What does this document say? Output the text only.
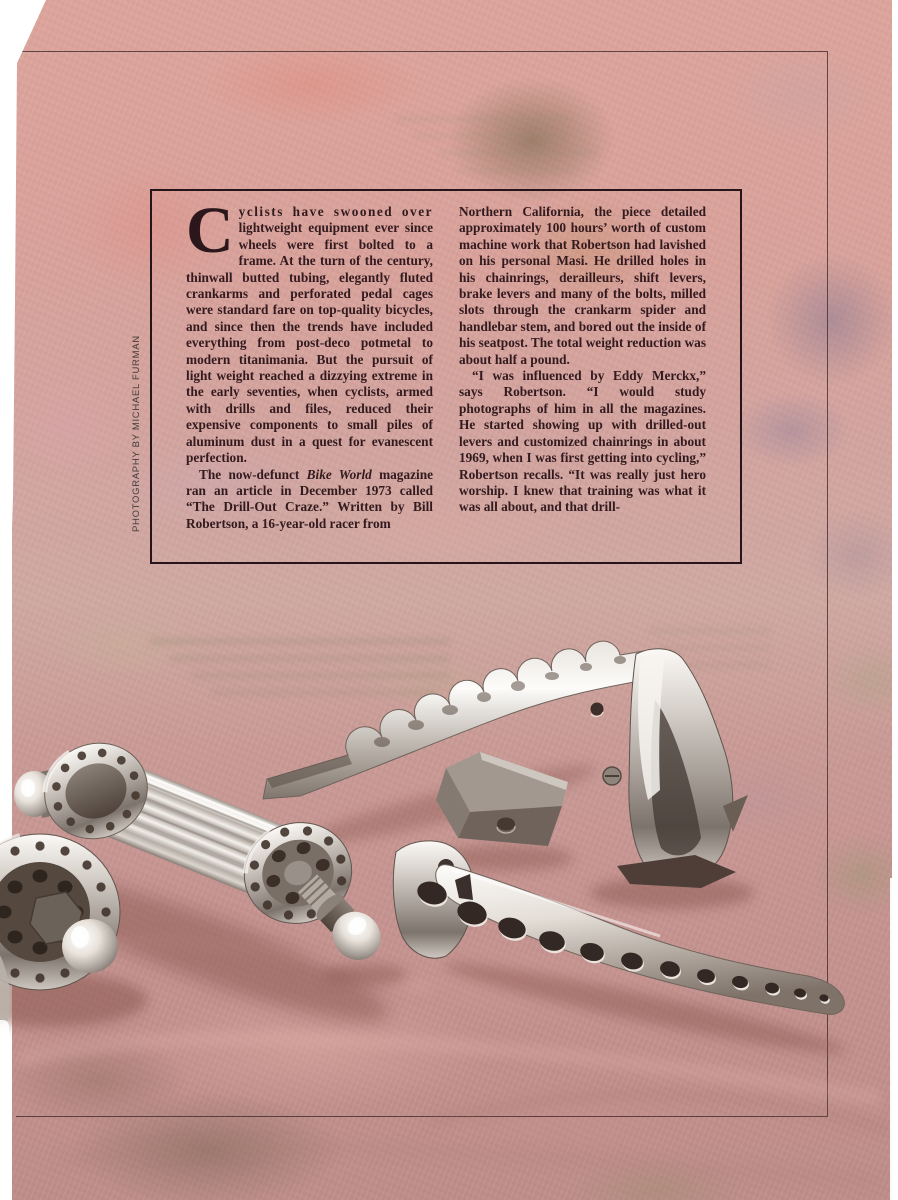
PHOTOGRAPHY BY MICHAEL FURMAN

Cyclists have swooned over lightweight equipment ever since wheels were first bolted to a frame. At the turn of the century, thinwall butted tubing, elegantly fluted crankarms and perforated pedal cages were standard fare on top-quality bicycles, and since then the trends have included everything from post-deco potmetal to modern titanimania. But the pursuit of light weight reached a dizzying extreme in the early seventies, when cyclists, armed with drills and files, reduced their expensive components to small piles of aluminum dust in a quest for evanescent perfection.

The now-defunct Bike World magazine ran an article in December 1973 called “The Drill-Out Craze.” Written by Bill Robertson, a 16-year-old racer from

Northern California, the piece detailed approximately 100 hours’ worth of custom machine work that Robertson had lavished on his personal Masi. He drilled holes in his chainrings, derailleurs, shift levers, brake levers and many of the bolts, milled slots through the crankarm spider and handlebar stem, and bored out the inside of his seatpost. The total weight reduction was about half a pound.

“I was influenced by Eddy Merckx,” says Robertson. “I would study photographs of him in all the magazines. He started showing up with drilled-out levers and customized chainrings in about 1969, when I was first getting into cycling,” Robertson recalls. “It was really just hero worship. I knew that training was what it was all about, and that drill-
